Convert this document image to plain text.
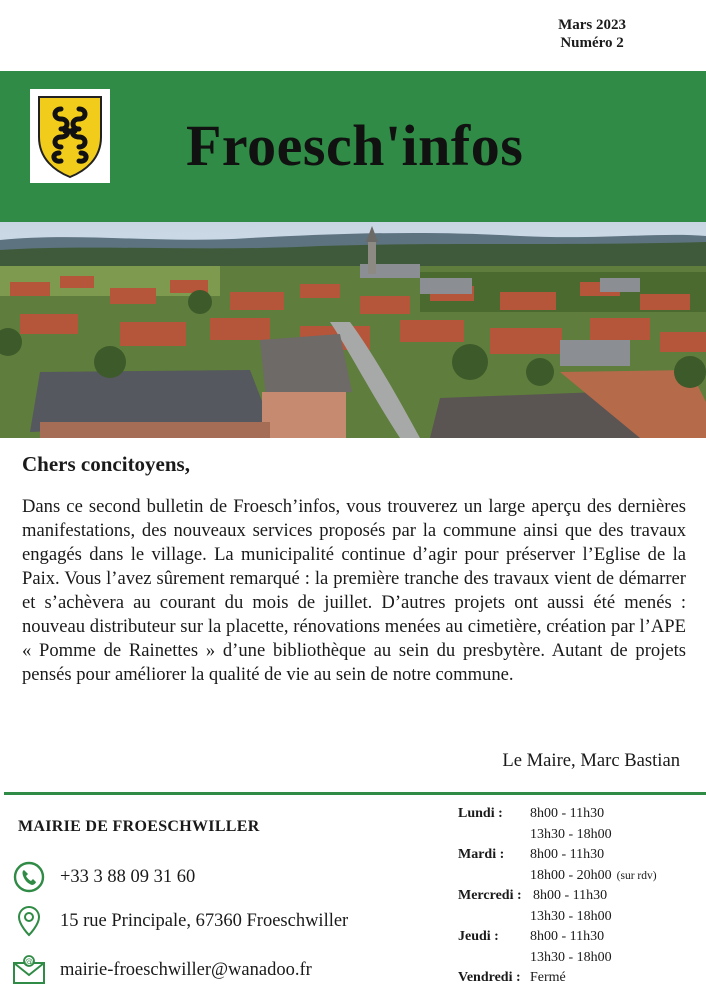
Mars 2023
Numéro 2
Froesch'infos
Chers concitoyens,

Dans ce second bulletin de Froesch’infos, vous trouverez un large aperçu des dernières manifestations, des nouveaux services proposés par la commune ainsi que des travaux engagés dans le village. La municipalité continue d’agir pour préserver l’Eglise de la Paix. Vous l’avez sûrement remarqué : la première tranche des travaux vient de démarrer et s’achèvera au courant du mois de juillet. D’autres projets ont aussi été menés : nouveau distributeur sur la placette, rénovations menées au cimetière, création par l’APE « Pomme de Rainettes » d’une bibliothèque au sein du presbytère. Autant de projets pensés pour améliorer la qualité de vie au sein de notre commune.

Le Maire, Marc Bastian
MAIRIE DE FROESCHWILLER
+33 3 88 09 31 60
15 rue Principale, 67360 Froeschwiller
@ mairie-froeschwiller@wanadoo.fr
Lundi :	8h00 - 11h30
13h30 - 18h00
Mardi :	8h00 - 11h30
18h00 - 20h00 (sur rdv)
Mercredi : 8h00 - 11h30
13h30 - 18h00
Jeudi :	8h00 - 11h30
13h30 - 18h00
Vendredi : Fermé
